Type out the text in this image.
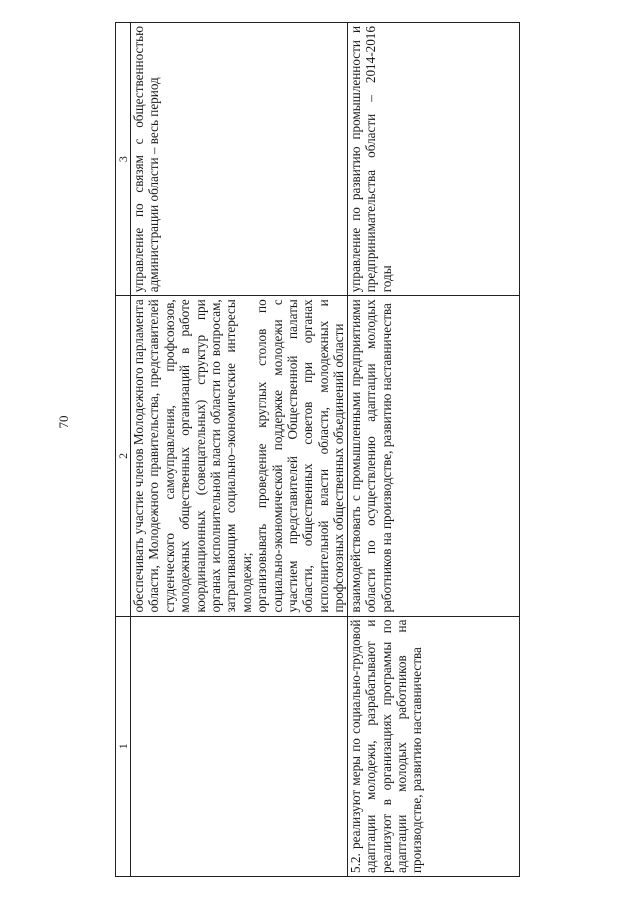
70
1	2	3

	обеспечивать участие членов Молодежного парламента области, Молодежного правительства, представителей студенческого самоуправления, профсоюзов, молодежных общественных организаций в работе координационных (совещательных) структур при органах исполнительной власти области по вопросам, затрагивающим социально–экономические интересы молодежи; организовывать проведение круглых столов по социально-экономической поддержке молодежи с участием представителей Общественной палаты области, общественных советов при органах исполнительной власти области, молодежных и профсоюзных общественных объединений области	управление по связям с общественностью администрации области – весь период
5.2. реализуют меры по социально-трудовой адаптации молодежи, разрабатывают и реализуют в организациях программы по адаптации молодых работников на производстве, развитию наставничества	взаимодействовать с промышленными предприятиями области по осуществлению адаптации молодых работников на производстве, развитию наставничества	управление по развитию промышленности и предпринимательства области – 2014-2016 годы
